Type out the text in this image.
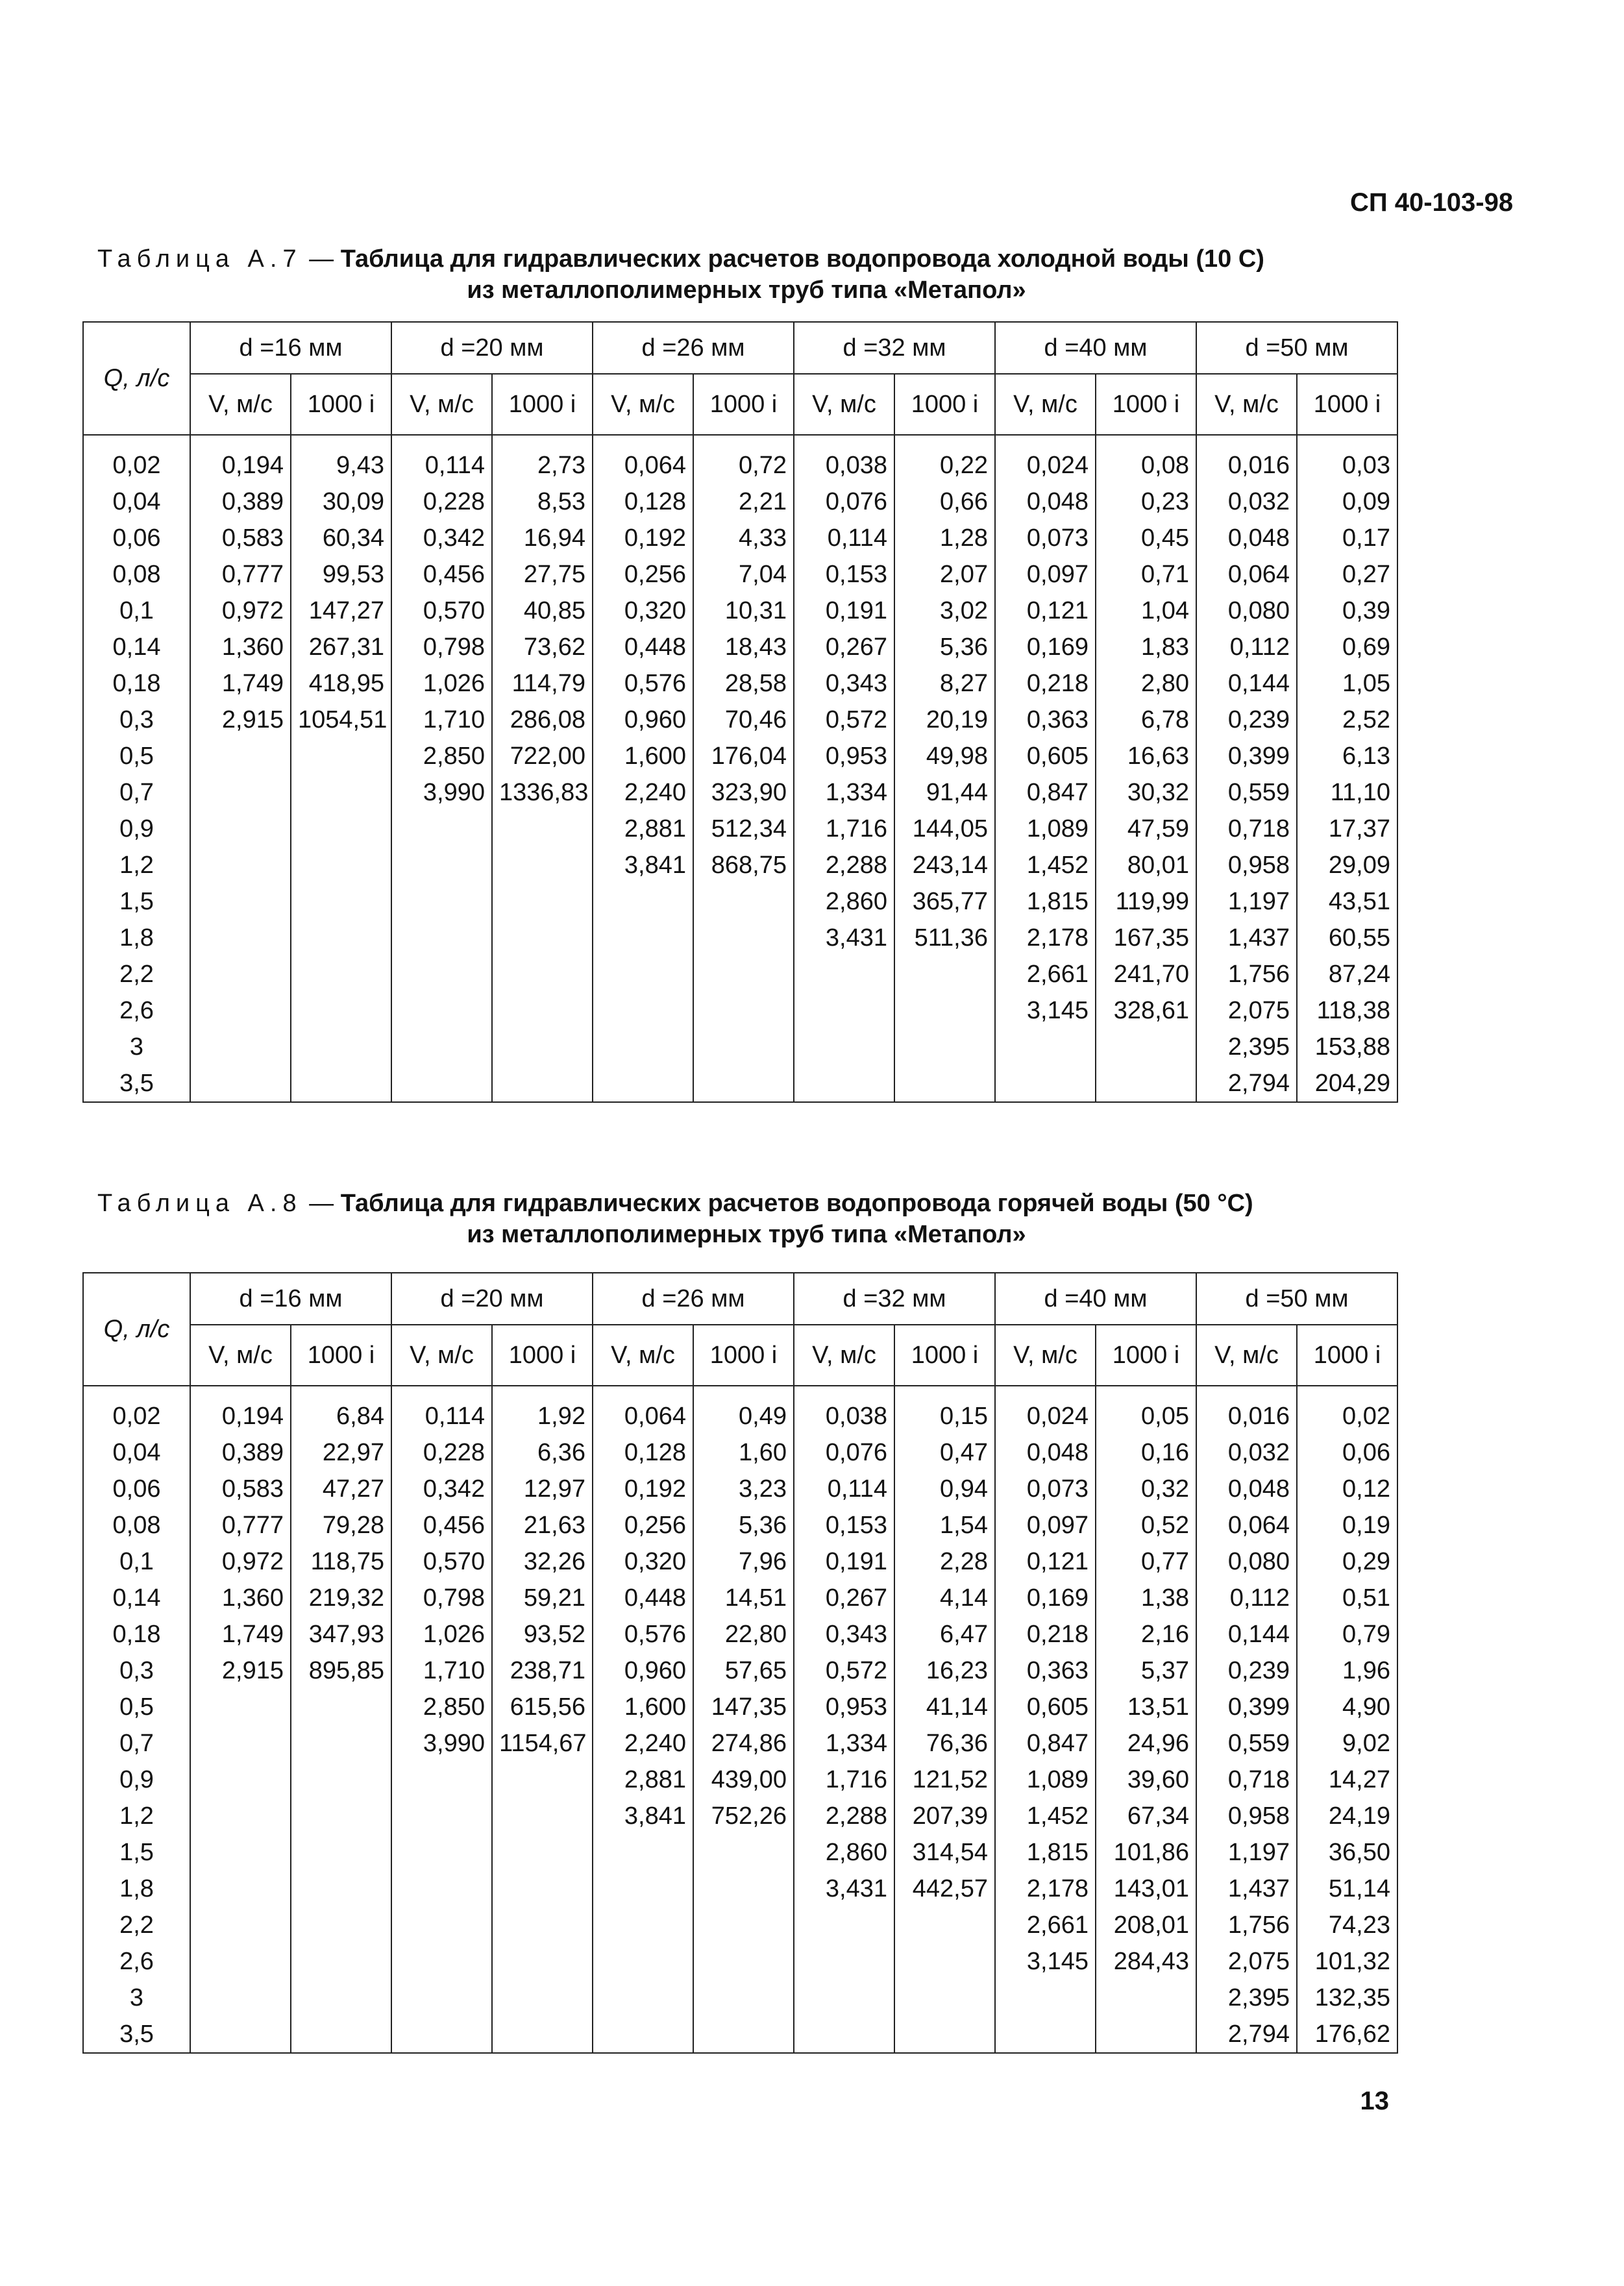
СП 40-103-98
Таблица А.7 — Таблица для гидравлических расчетов водопровода холодной воды (10 С)
из металлополимерных труб типа «Метапол»
Q, л/с	d =16 мм		d =20 мм		d =26 мм		d =32 мм		d =40 мм		d =50 мм	
	V, м/с	1000 i	V, м/с	1000 i	V, м/с	1000 i	V, м/с	1000 i	V, м/с	1000 i	V, м/с	1000 i
0,02	0,194	9,43	0,114	2,73	0,064	0,72	0,038	0,22	0,024	0,08	0,016	0,03
0,04	0,389	30,09	0,228	8,53	0,128	2,21	0,076	0,66	0,048	0,23	0,032	0,09
0,06	0,583	60,34	0,342	16,94	0,192	4,33	0,114	1,28	0,073	0,45	0,048	0,17
0,08	0,777	99,53	0,456	27,75	0,256	7,04	0,153	2,07	0,097	0,71	0,064	0,27
0,1	0,972	147,27	0,570	40,85	0,320	10,31	0,191	3,02	0,121	1,04	0,080	0,39
0,14	1,360	267,31	0,798	73,62	0,448	18,43	0,267	5,36	0,169	1,83	0,112	0,69
0,18	1,749	418,95	1,026	114,79	0,576	28,58	0,343	8,27	0,218	2,80	0,144	1,05
0,3	2,915	1054,51	1,710	286,08	0,960	70,46	0,572	20,19	0,363	6,78	0,239	2,52
0,5			2,850	722,00	1,600	176,04	0,953	49,98	0,605	16,63	0,399	6,13
0,7			3,990	1336,83	2,240	323,90	1,334	91,44	0,847	30,32	0,559	11,10
0,9					2,881	512,34	1,716	144,05	1,089	47,59	0,718	17,37
1,2					3,841	868,75	2,288	243,14	1,452	80,01	0,958	29,09
1,5							2,860	365,77	1,815	119,99	1,197	43,51
1,8							3,431	511,36	2,178	167,35	1,437	60,55
2,2									2,661	241,70	1,756	87,24
2,6									3,145	328,61	2,075	118,38
3											2,395	153,88
3,5											2,794	204,29
Таблица А.8 — Таблица для гидравлических расчетов водопровода горячей воды (50 °С)
из металлополимерных труб типа «Метапол»
Q, л/с	d =16 мм		d =20 мм		d =26 мм		d =32 мм		d =40 мм		d =50 мм	
	V, м/с	1000 i	V, м/с	1000 i	V, м/с	1000 i	V, м/с	1000 i	V, м/с	1000 i	V, м/с	1000 i
0,02	0,194	6,84	0,114	1,92	0,064	0,49	0,038	0,15	0,024	0,05	0,016	0,02
0,04	0,389	22,97	0,228	6,36	0,128	1,60	0,076	0,47	0,048	0,16	0,032	0,06
0,06	0,583	47,27	0,342	12,97	0,192	3,23	0,114	0,94	0,073	0,32	0,048	0,12
0,08	0,777	79,28	0,456	21,63	0,256	5,36	0,153	1,54	0,097	0,52	0,064	0,19
0,1	0,972	118,75	0,570	32,26	0,320	7,96	0,191	2,28	0,121	0,77	0,080	0,29
0,14	1,360	219,32	0,798	59,21	0,448	14,51	0,267	4,14	0,169	1,38	0,112	0,51
0,18	1,749	347,93	1,026	93,52	0,576	22,80	0,343	6,47	0,218	2,16	0,144	0,79
0,3	2,915	895,85	1,710	238,71	0,960	57,65	0,572	16,23	0,363	5,37	0,239	1,96
0,5			2,850	615,56	1,600	147,35	0,953	41,14	0,605	13,51	0,399	4,90
0,7			3,990	1154,67	2,240	274,86	1,334	76,36	0,847	24,96	0,559	9,02
0,9					2,881	439,00	1,716	121,52	1,089	39,60	0,718	14,27
1,2					3,841	752,26	2,288	207,39	1,452	67,34	0,958	24,19
1,5							2,860	314,54	1,815	101,86	1,197	36,50
1,8							3,431	442,57	2,178	143,01	1,437	51,14
2,2									2,661	208,01	1,756	74,23
2,6									3,145	284,43	2,075	101,32
3											2,395	132,35
3,5											2,794	176,62
13
